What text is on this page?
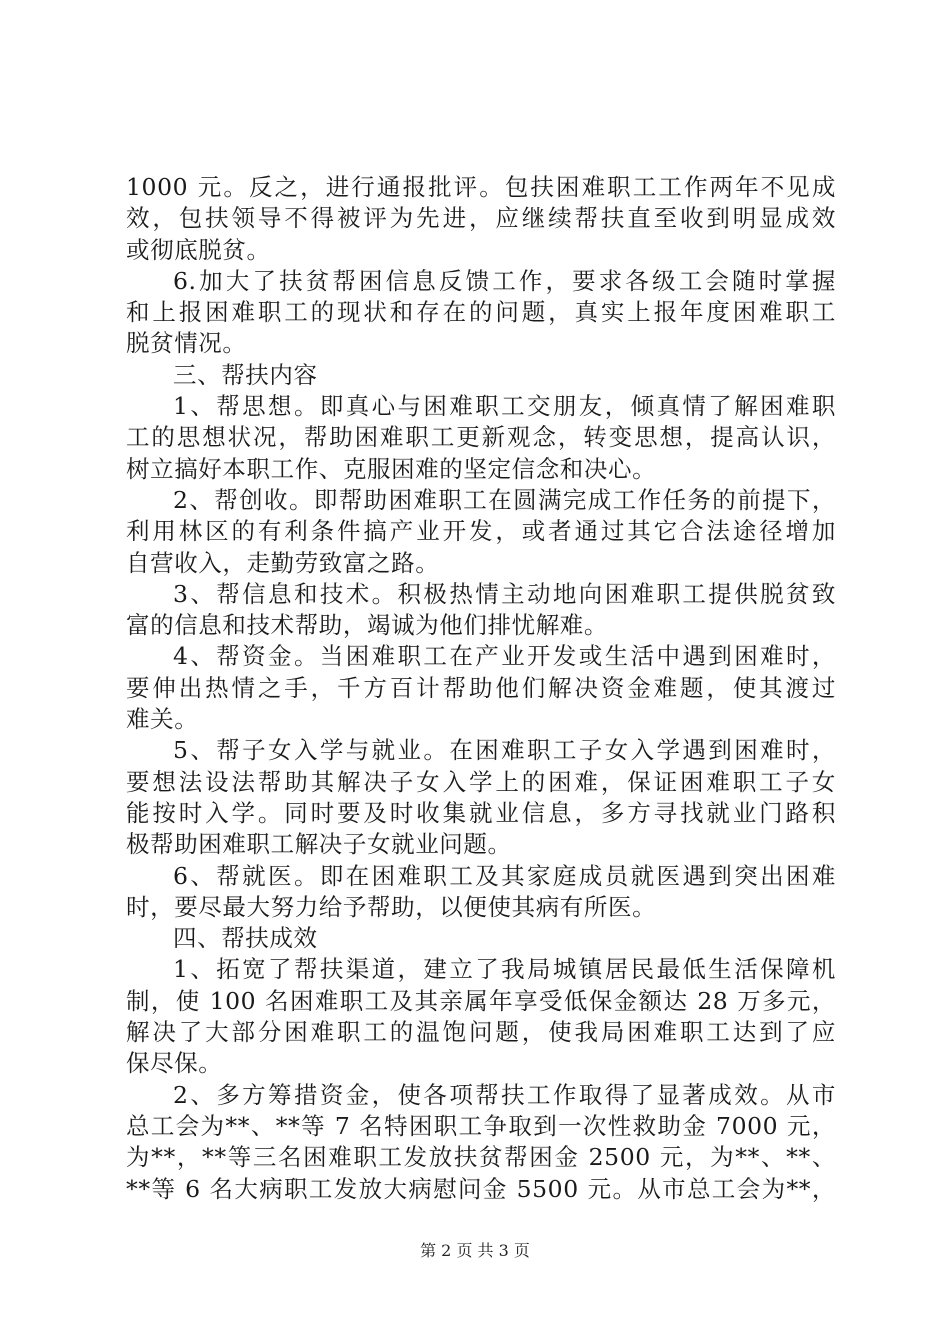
1000 元。反之，进行通报批评。包扶困难职工工作两年不见成
效，包扶领导不得被评为先进，应继续帮扶直至收到明显成效
或彻底脱贫。
6.加大了扶贫帮困信息反馈工作，要求各级工会随时掌握
和上报困难职工的现状和存在的问题，真实上报年度困难职工
脱贫情况。
三、帮扶内容
1、帮思想。即真心与困难职工交朋友，倾真情了解困难职
工的思想状况，帮助困难职工更新观念，转变思想，提高认识，
树立搞好本职工作、克服困难的坚定信念和决心。
2、帮创收。即帮助困难职工在圆满完成工作任务的前提下，
利用林区的有利条件搞产业开发，或者通过其它合法途径增加
自营收入，走勤劳致富之路。
3、帮信息和技术。积极热情主动地向困难职工提供脱贫致
富的信息和技术帮助，竭诚为他们排忧解难。
4、帮资金。当困难职工在产业开发或生活中遇到困难时，
要伸出热情之手，千方百计帮助他们解决资金难题，使其渡过
难关。
5、帮子女入学与就业。在困难职工子女入学遇到困难时，
要想法设法帮助其解决子女入学上的困难，保证困难职工子女
能按时入学。同时要及时收集就业信息，多方寻找就业门路积
极帮助困难职工解决子女就业问题。
6、帮就医。即在困难职工及其家庭成员就医遇到突出困难
时，要尽最大努力给予帮助，以便使其病有所医。
四、帮扶成效
1、拓宽了帮扶渠道，建立了我局城镇居民最低生活保障机
制，使 100 名困难职工及其亲属年享受低保金额达 28 万多元，
解决了大部分困难职工的温饱问题，使我局困难职工达到了应
保尽保。
2、多方筹措资金，使各项帮扶工作取得了显著成效。从市
总工会为**、**等 7 名特困职工争取到一次性救助金 7000 元，
为**，**等三名困难职工发放扶贫帮困金 2500 元，为**、**、
**等 6 名大病职工发放大病慰问金 5500 元。从市总工会为**，
第 2 页 共 3 页
